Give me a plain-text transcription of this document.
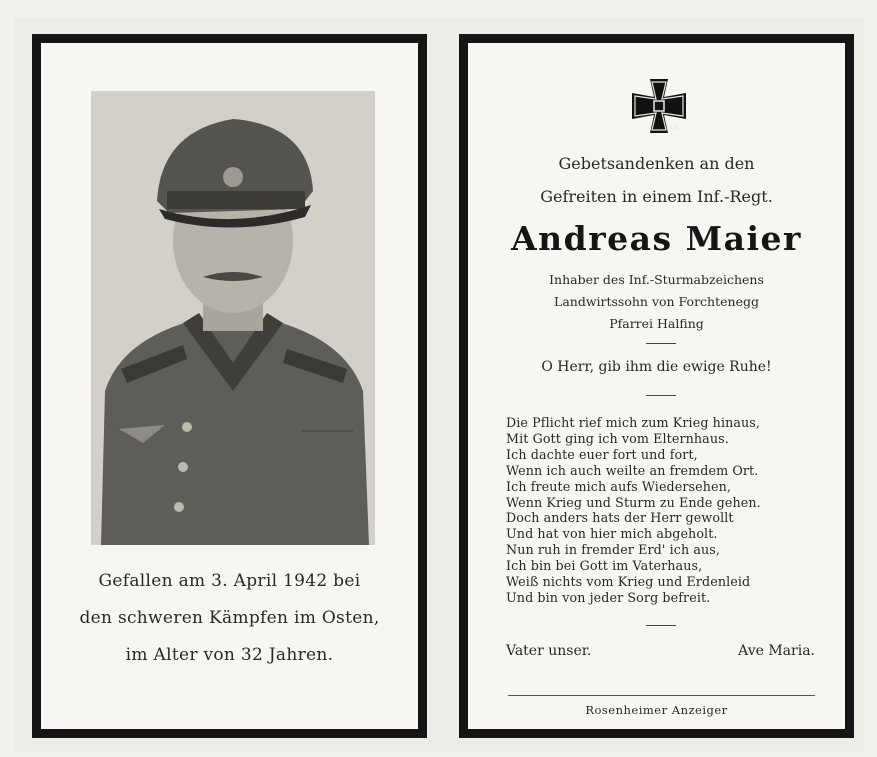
Gefallen am 3. April 1942 bei
den schweren Kämpfen im Osten,
im Alter von 32 Jahren.
1939
Gebetsandenken an den
Gefreiten in einem Inf.-Regt.
Andreas Maier
Inhaber des Inf.-Sturmabzeichens
Landwirtssohn von Forchtenegg
Pfarrei Halfing
O Herr, gib ihm die ewige Ruhe!
Die Pflicht rief mich zum Krieg hinaus,
Mit Gott ging ich vom Elternhaus.
Ich dachte euer fort und fort,
Wenn ich auch weilte an fremdem Ort.
Ich freute mich aufs Wiedersehen,
Wenn Krieg und Sturm zu Ende gehen.
Doch anders hats der Herr gewollt
Und hat von hier mich abgeholt.
Nun ruh in fremder Erd' ich aus,
Ich bin bei Gott im Vaterhaus,
Weiß nichts vom Krieg und Erdenleid
Und bin von jeder Sorg befreit.
Vater unser.	Ave Maria.
Rosenheimer Anzeiger
